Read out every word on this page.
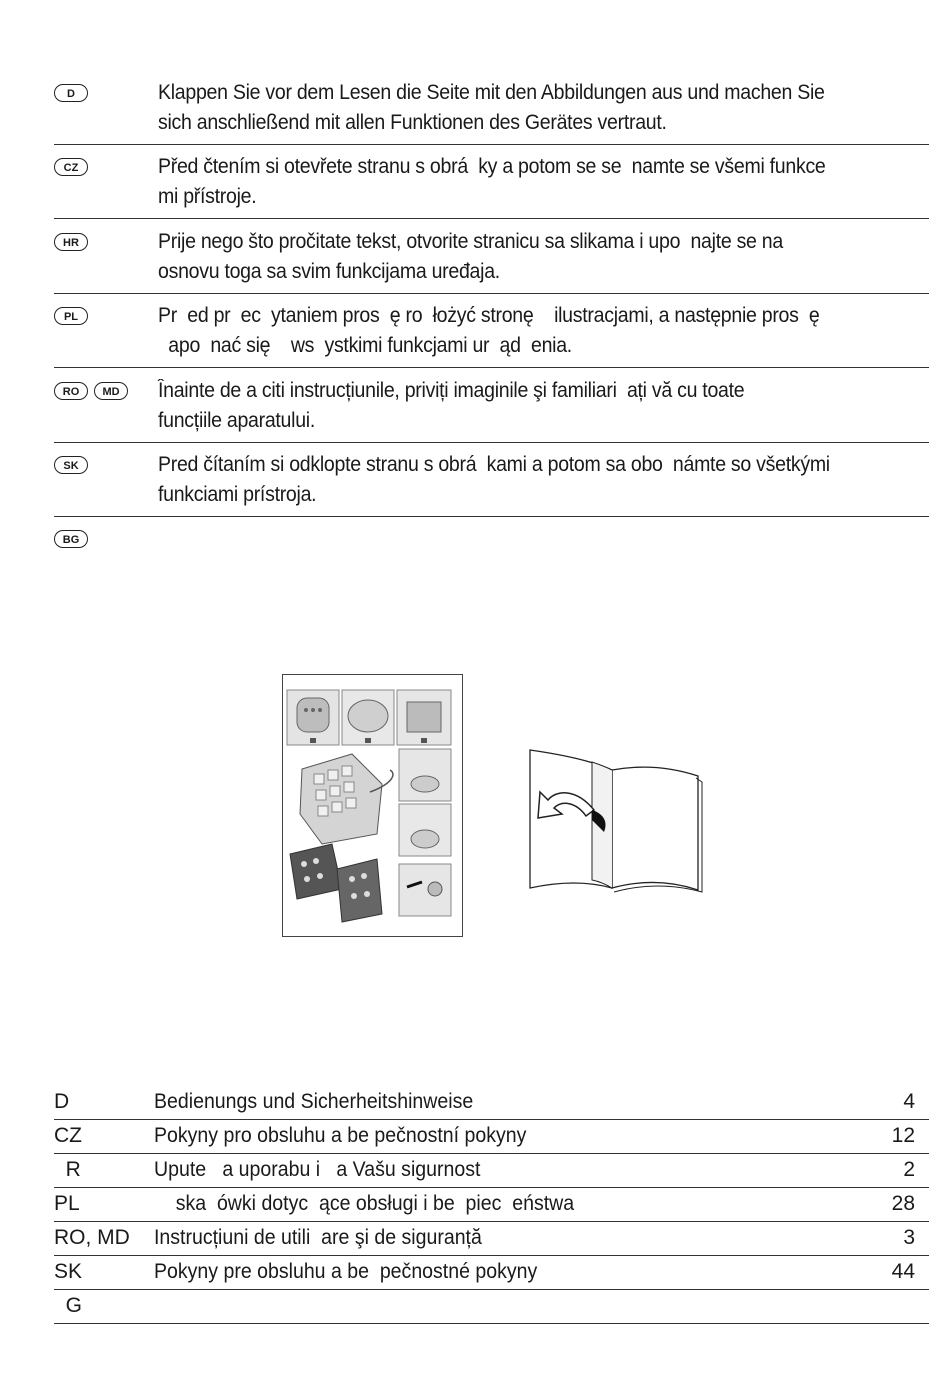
D	Klappen Sie vor dem Lesen die Seite mit den Abbildungen aus und machen Sie
sich anschließend mit allen Funktionen des Gerätes vertraut.
CZ	Před čtením si otevřete stranu s obrá  ky a potom se se  namte se všemi funkce
mi přístroje.
HR	Prije nego što pročitate tekst, otvorite stranicu sa slikama i upo  najte se na
osnovu toga sa svim funkcijama uređaja.
PL	Pr  ed pr  ec  ytaniem pros  ę ro  łożyć stronę    ilustracjami, a następnie pros  ę
apo  nać się    ws  ystkimi funkcjami ur  ąd  enia.
RO	MD	Înainte de a citi instrucțiunile, priviți imaginile şi familiari  ați vă cu toate
funcțiile aparatului.
SK	Pred čítaním si odklopte stranu s obrá  kami a potom sa obo  námte so všetkými
funkciami prístroja.
BG
D	Bedienungs und Sicherheitshinweise	4
CZ	Pokyny pro obsluhu a be pečnostní pokyny	12
R	Upute   a uporabu i   a Vašu sigurnost	2
PL	ska  ówki dotyc  ące obsługi i be  piec  eństwa	28
RO, MD	Instrucțiuni de utili  are şi de siguranță	3
SK	Pokyny pre obsluhu a be  pečnostné pokyny	44
G
